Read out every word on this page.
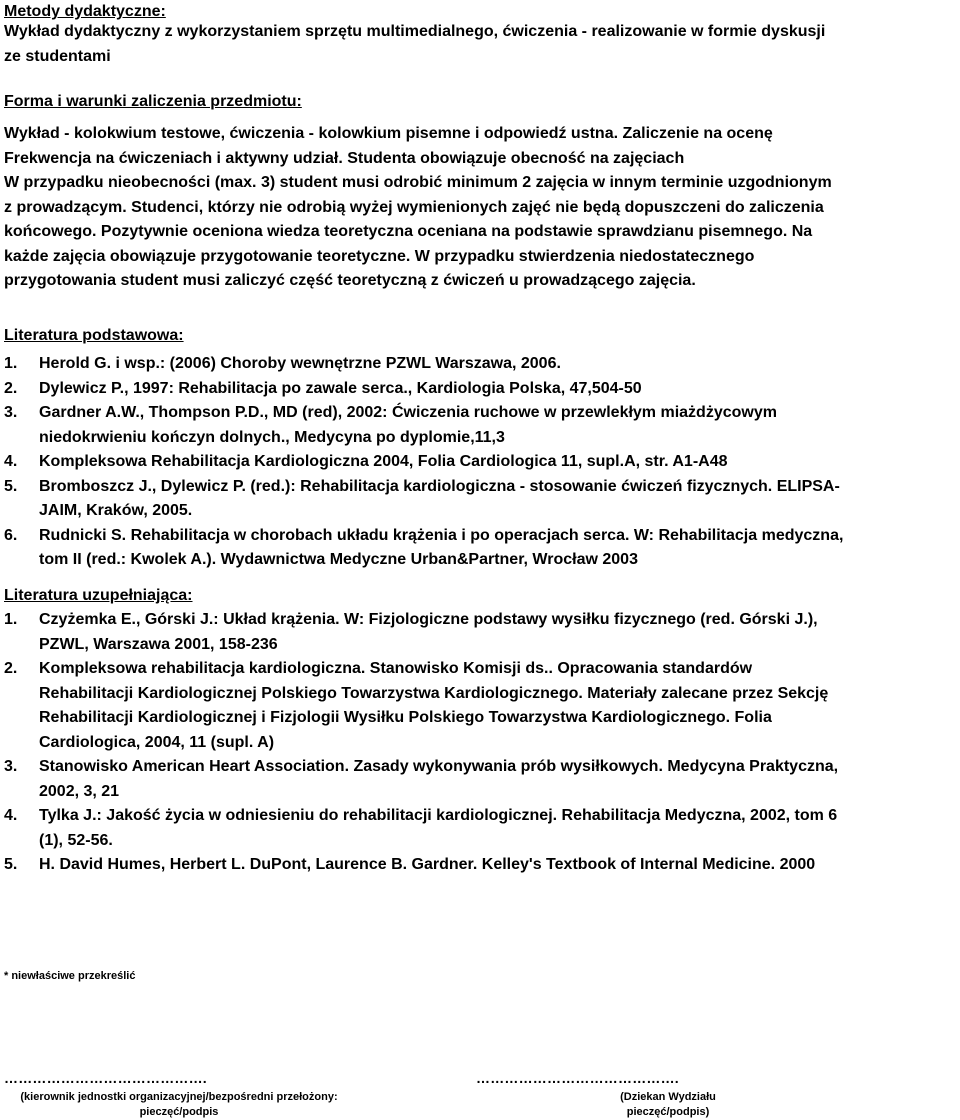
Metody dydaktyczne:
Wykład dydaktyczny z wykorzystaniem sprzętu multimedialnego, ćwiczenia - realizowanie w formie dyskusji
ze studentami
Forma i warunki zaliczenia przedmiotu:
Wykład - kolokwium testowe, ćwiczenia - kolowkium pisemne i odpowiedź ustna. Zaliczenie na ocenę
Frekwencja na ćwiczeniach i aktywny udział. Studenta obowiązuje obecność na zajęciach
W przypadku nieobecności (max. 3) student musi odrobić minimum 2 zajęcia w innym terminie uzgodnionym
z prowadzącym. Studenci, którzy nie odrobią wyżej wymienionych zajęć nie będą dopuszczeni do zaliczenia
końcowego. Pozytywnie oceniona wiedza teoretyczna oceniana na podstawie sprawdzianu pisemnego. Na
każde zajęcia obowiązuje przygotowanie teoretyczne. W przypadku stwierdzenia niedostatecznego
przygotowania student musi zaliczyć część teoretyczną z ćwiczeń u prowadzącego zajęcia.
Literatura podstawowa:
1.	Herold G. i wsp.: (2006) Choroby wewnętrzne PZWL Warszawa, 2006.
2.	Dylewicz P., 1997: Rehabilitacja po zawale serca., Kardiologia Polska, 47,504-50
3.	Gardner A.W., Thompson P.D., MD (red), 2002: Ćwiczenia ruchowe w przewlekłym miażdżycowym
niedokrwieniu kończyn dolnych., Medycyna po dyplomie,11,3
4.	Kompleksowa Rehabilitacja Kardiologiczna 2004, Folia Cardiologica 11, supl.A, str. A1-A48
5.	Bromboszcz J., Dylewicz P. (red.): Rehabilitacja kardiologiczna - stosowanie ćwiczeń fizycznych. ELIPSA-
JAIM, Kraków, 2005.
6.	Rudnicki S. Rehabilitacja w chorobach układu krążenia i po operacjach serca. W: Rehabilitacja medyczna,
tom II (red.: Kwolek A.). Wydawnictwa Medyczne Urban&Partner, Wrocław 2003
Literatura uzupełniająca:
1.	Czyżemka E., Górski J.: Układ krążenia. W: Fizjologiczne podstawy wysiłku fizycznego (red. Górski J.),
PZWL, Warszawa 2001, 158-236
2.	Kompleksowa rehabilitacja kardiologiczna. Stanowisko Komisji ds.. Opracowania standardów
Rehabilitacji Kardiologicznej Polskiego Towarzystwa Kardiologicznego. Materiały zalecane przez Sekcję
Rehabilitacji Kardiologicznej i Fizjologii Wysiłku Polskiego Towarzystwa Kardiologicznego. Folia
Cardiologica, 2004, 11 (supl. A)
3.	Stanowisko American Heart Association. Zasady wykonywania prób wysiłkowych. Medycyna Praktyczna,
2002, 3, 21
4.	Tylka J.: Jakość życia w odniesieniu do rehabilitacji kardiologicznej. Rehabilitacja Medyczna, 2002, tom 6
(1), 52-56.
5.	H. David Humes, Herbert L. DuPont, Laurence B. Gardner. Kelley's Textbook of Internal Medicine. 2000
* niewłaściwe przekreślić
…………………………………….
(kierownik jednostki organizacyjnej/bezpośredni przełożony:
pieczęć/podpis
…………………………………….
(Dziekan Wydziału
pieczęć/podpis)
